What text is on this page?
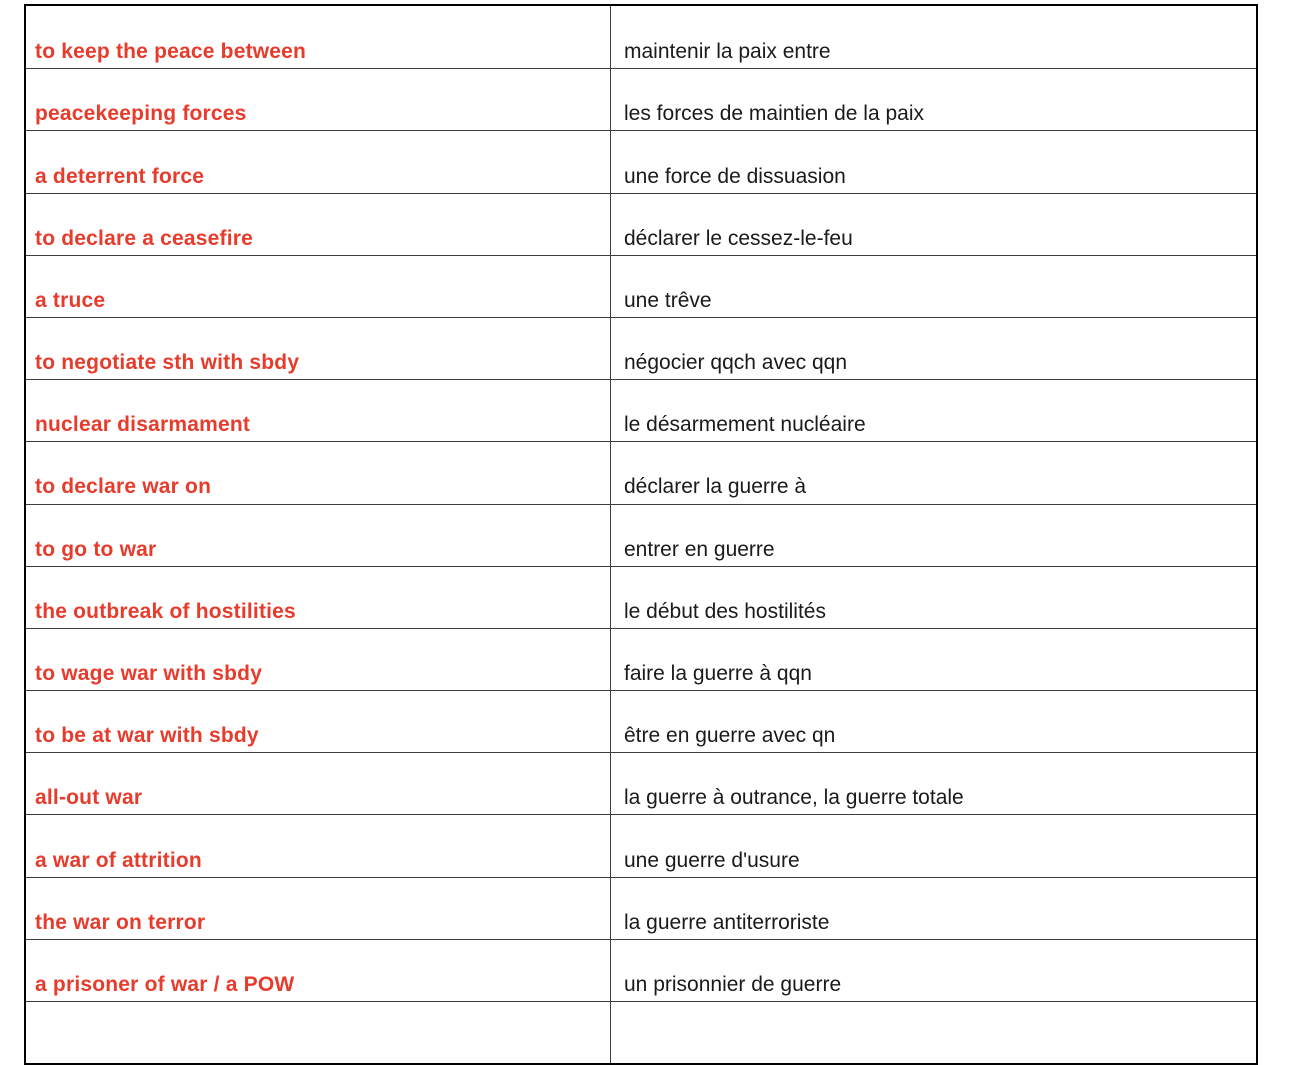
to keep the peace between	maintenir la paix entre
peacekeeping forces	les forces de maintien de la paix
a deterrent force	une force de dissuasion
to declare a ceasefire	déclarer le cessez-le-feu
a truce	une trêve
to negotiate sth with sbdy	négocier qqch avec qqn
nuclear disarmament	le désarmement nucléaire
to declare war on	déclarer la guerre à
to go to war	entrer en guerre
the outbreak of hostilities	le début des hostilités
to wage war with sbdy	faire la guerre à qqn
to be at war with sbdy	être en guerre avec qn
all-out war	la guerre à outrance, la guerre totale
a war of attrition	une guerre d'usure
the war on terror	la guerre antiterroriste
a prisoner of war / a POW	un prisonnier de guerre
